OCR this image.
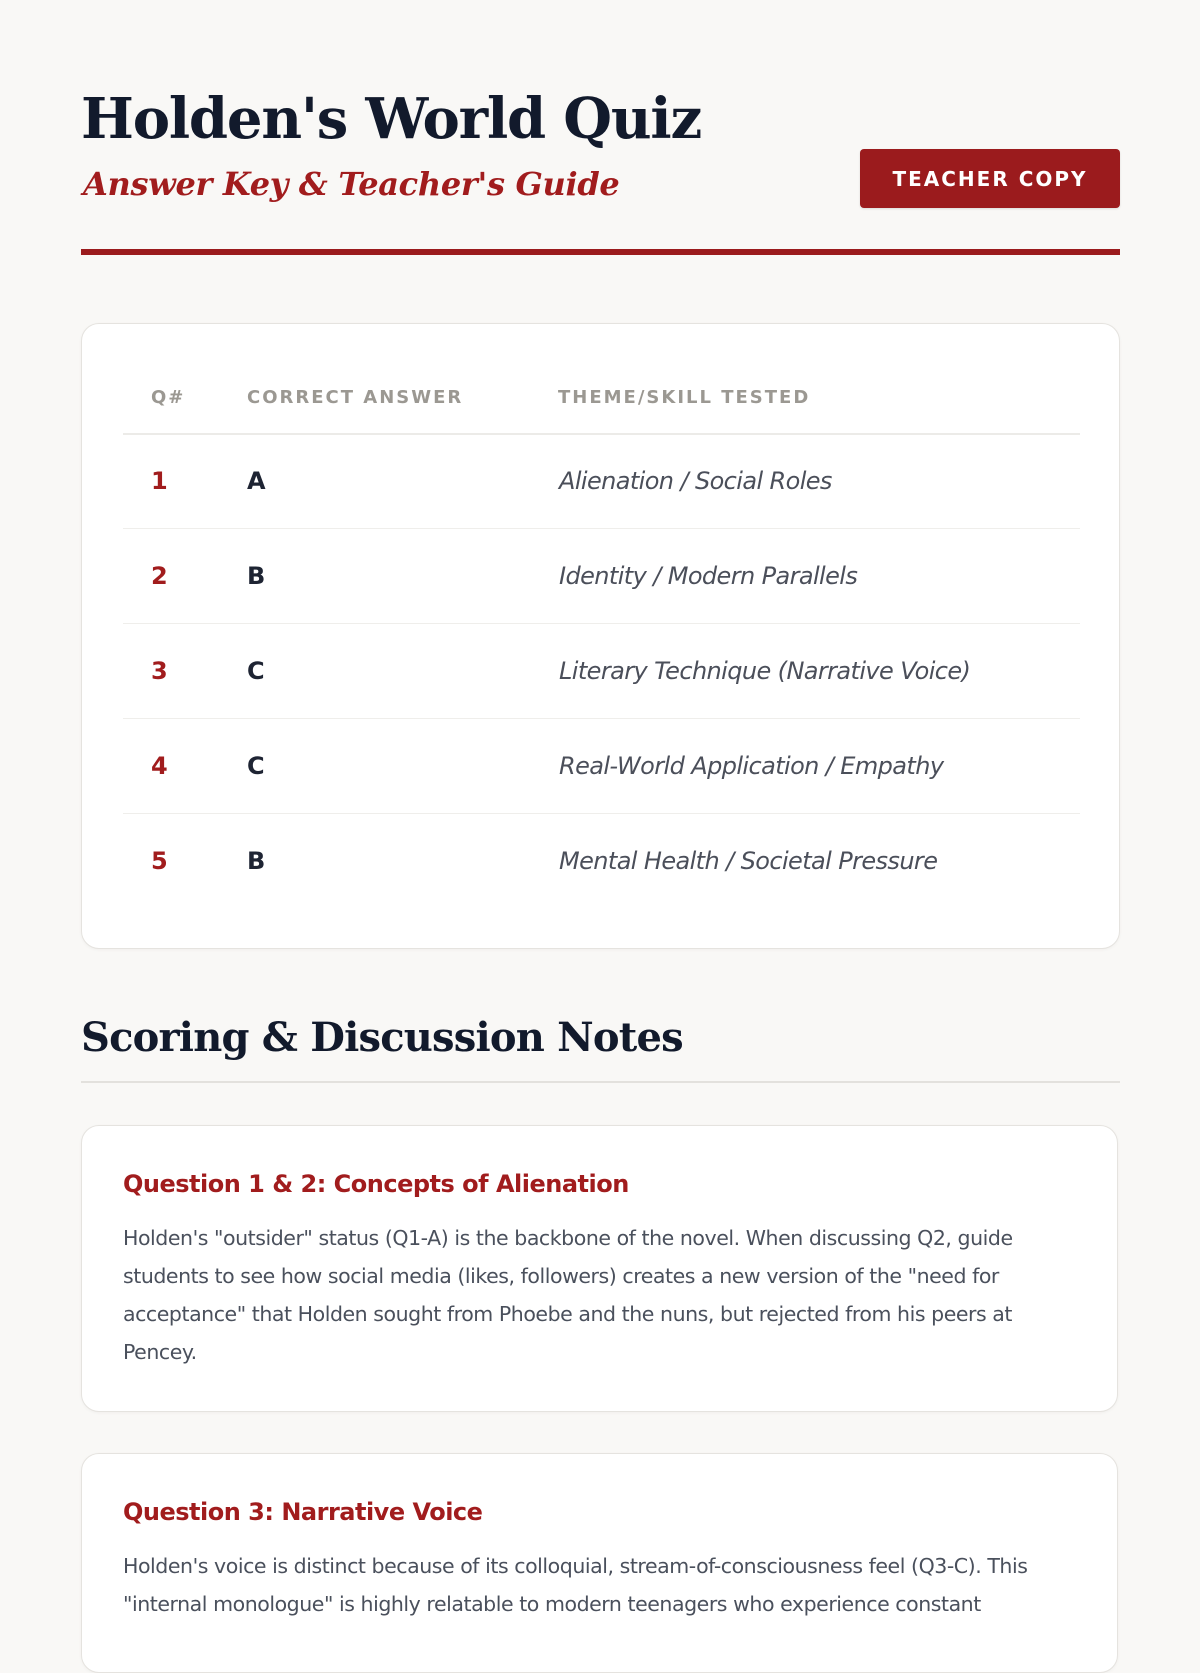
Holden's World Quiz
Answer Key & Teacher's Guide	TEACHER COPY
Q#	CORRECT ANSWER	THEME/SKILL TESTED
1	A	Alienation / Social Roles
2	B	Identity / Modern Parallels
3	C	Literary Technique (Narrative Voice)
4	C	Real-World Application / Empathy
5	B	Mental Health / Societal Pressure
Scoring & Discussion Notes
Question 1 & 2: Concepts of Alienation

Holden's "outsider" status (Q1-A) is the backbone of the novel. When discussing Q2, guide students to see how social media (likes, followers) creates a new version of the "need for acceptance" that Holden sought from Phoebe and the nuns, but rejected from his peers at Pencey.

Question 3: Narrative Voice

Holden's voice is distinct because of its colloquial, stream-of-consciousness feel (Q3-C). This "internal monologue" is highly relatable to modern teenagers who experience constant
